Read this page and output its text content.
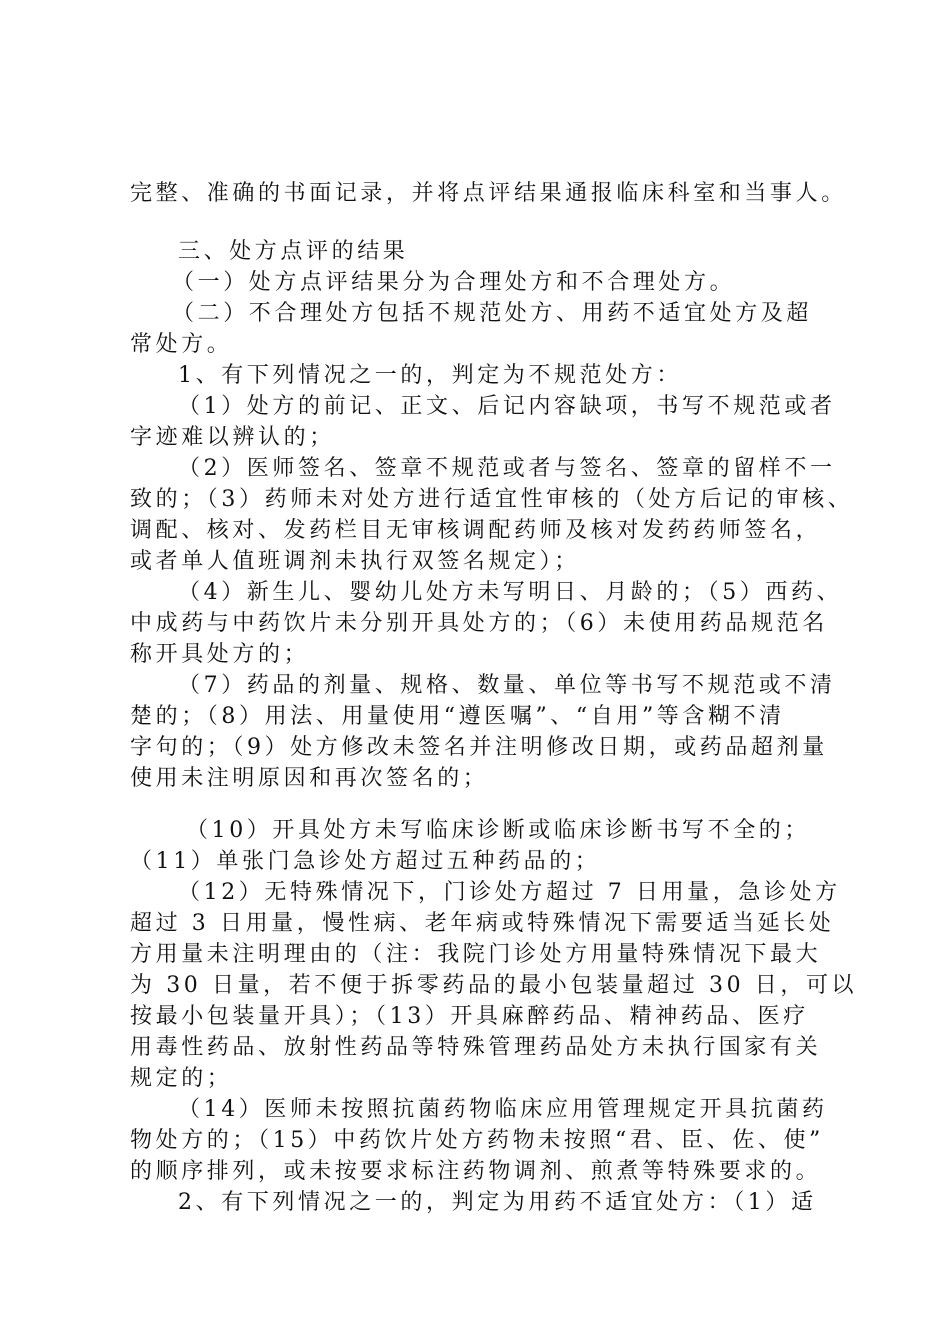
完整、准确的书面记录，并将点评结果通报临床科室和当事人。
三、处方点评的结果
（一）处方点评结果分为合理处方和不合理处方。
（二）不合理处方包括不规范处方、用药不适宜处方及超
常处方。
1、有下列情况之一的，判定为不规范处方：
（1）处方的前记、正文、后记内容缺项，书写不规范或者
字迹难以辨认的；
（2）医师签名、签章不规范或者与签名、签章的留样不一
致的；（3）药师未对处方进行适宜性审核的（处方后记的审核、
调配、核对、发药栏目无审核调配药师及核对发药药师签名，
或者单人值班调剂未执行双签名规定）；
（4）新生儿、婴幼儿处方未写明日、月龄的；（5）西药、
中成药与中药饮片未分别开具处方的；（6）未使用药品规范名
称开具处方的；
（7）药品的剂量、规格、数量、单位等书写不规范或不清
楚的；（8）用法、用量使用“遵医嘱”、“自用”等含糊不清
字句的；（9）处方修改未签名并注明修改日期，或药品超剂量
使用未注明原因和再次签名的；
（10）开具处方未写临床诊断或临床诊断书写不全的；
（11）单张门急诊处方超过五种药品的；
（12）无特殊情况下，门诊处方超过 7 日用量，急诊处方
超过 3 日用量，慢性病、老年病或特殊情况下需要适当延长处
方用量未注明理由的（注：我院门诊处方用量特殊情况下最大
为 30 日量，若不便于拆零药品的最小包装量超过 30 日，可以
按最小包装量开具）；（13）开具麻醉药品、精神药品、医疗
用毒性药品、放射性药品等特殊管理药品处方未执行国家有关
规定的；
（14）医师未按照抗菌药物临床应用管理规定开具抗菌药
物处方的；（15）中药饮片处方药物未按照“君、臣、佐、使”
的顺序排列，或未按要求标注药物调剂、煎煮等特殊要求的。
2、有下列情况之一的，判定为用药不适宜处方：（1）适
